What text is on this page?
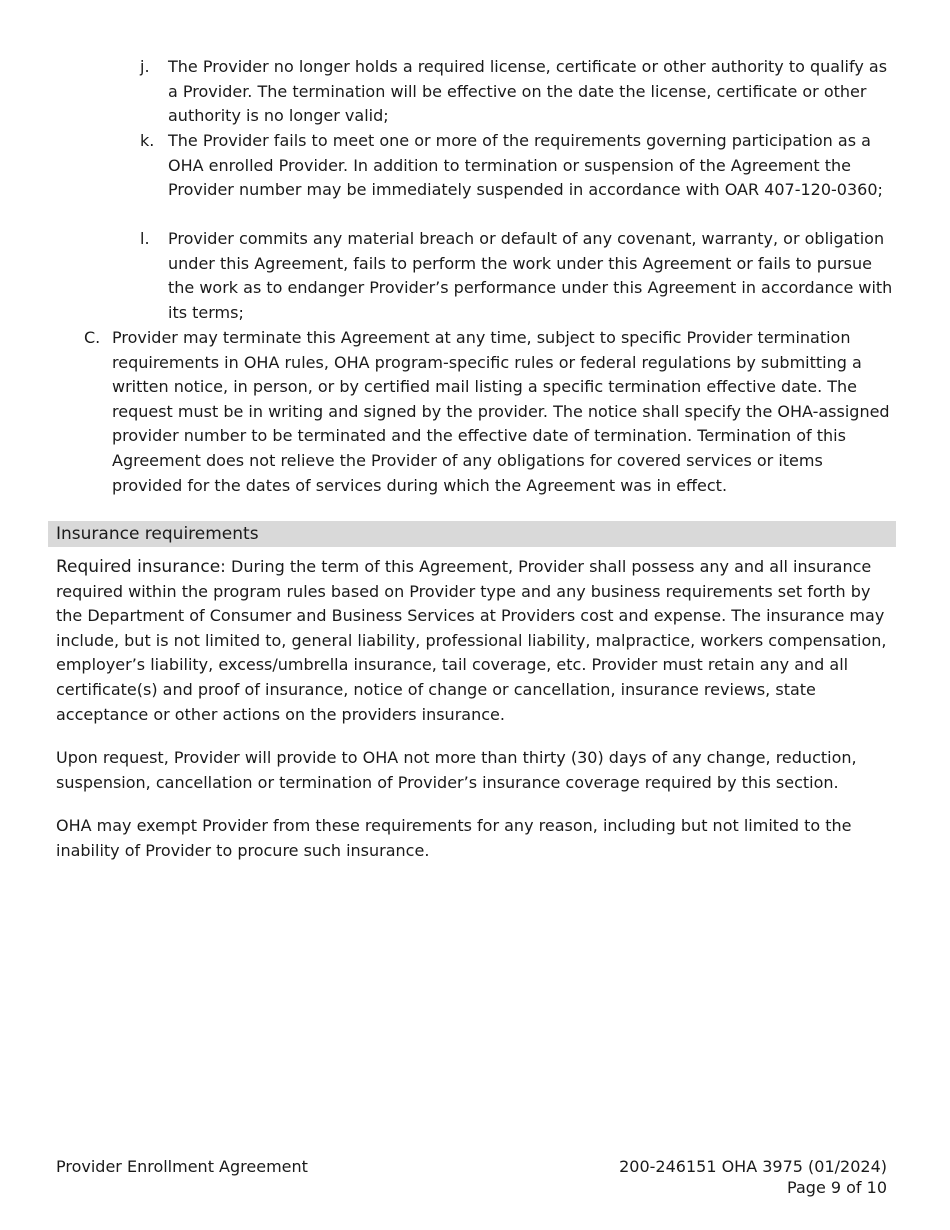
j. The Provider no longer holds a required license, certificate or other authority to qualify as a Provider. The termination will be effective on the date the license, certificate or other authority is no longer valid;
k. The Provider fails to meet one or more of the requirements governing participation as a OHA enrolled Provider. In addition to termination or suspension of the Agreement the Provider number may be immediately suspended in accordance with OAR 407-120-0360;
l. Provider commits any material breach or default of any covenant, warranty, or obligation under this Agreement, fails to perform the work under this Agreement or fails to pursue the work as to endanger Provider’s performance under this Agreement in accordance with its terms;
C. Provider may terminate this Agreement at any time, subject to specific Provider termination requirements in OHA rules, OHA program-specific rules or federal regulations by submitting a written notice, in person, or by certified mail listing a specific termination effective date. The request must be in writing and signed by the provider. The notice shall specify the OHA-assigned provider number to be terminated and the effective date of termination. Termination of this Agreement does not relieve the Provider of any obligations for covered services or items provided for the dates of services during which the Agreement was in effect.
Insurance requirements
Required insurance: During the term of this Agreement, Provider shall possess any and all insurance required within the program rules based on Provider type and any business requirements set forth by the Department of Consumer and Business Services at Providers cost and expense. The insurance may include, but is not limited to, general liability, professional liability, malpractice, workers compensation, employer’s liability, excess/umbrella insurance, tail coverage, etc. Provider must retain any and all certificate(s) and proof of insurance, notice of change or cancellation, insurance reviews, state acceptance or other actions on the providers insurance.
Upon request, Provider will provide to OHA not more than thirty (30) days of any change, reduction, suspension, cancellation or termination of Provider’s insurance coverage required by this section.
OHA may exempt Provider from these requirements for any reason, including but not limited to the inability of Provider to procure such insurance.
Provider Enrollment Agreement	200-246151 OHA 3975 (01/2024)
Page 9 of 10
